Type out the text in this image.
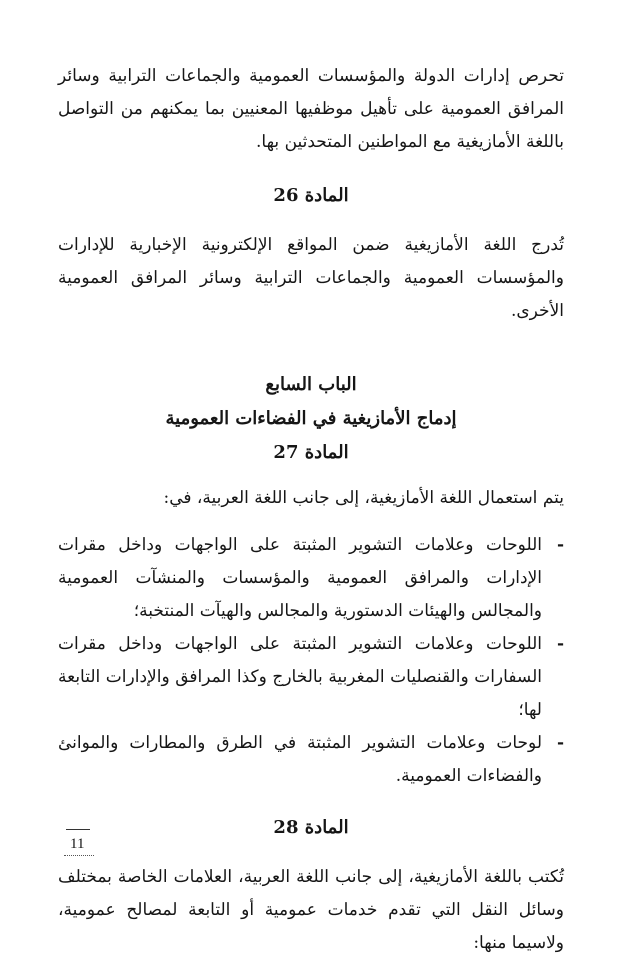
تحرص إدارات الدولة والمؤسسات العمومية والجماعات الترابية وسائر المرافق العمومية على تأهيل موظفيها المعنيين بما يمكنهم من التواصل باللغة الأمازيغية مع المواطنين المتحدثين بها.

المادة 26

تُدرج اللغة الأمازيغية ضمن المواقع الإلكترونية الإخبارية للإدارات والمؤسسات العمومية والجماعات الترابية وسائر المرافق العمومية الأخرى.

الباب السابع
إدماج الأمازيغية في الفضاءات العمومية
المادة 27

يتم استعمال اللغة الأمازيغية، إلى جانب اللغة العربية، في:

-
اللوحات وعلامات التشوير المثبتة على الواجهات وداخل مقرات الإدارات والمرافق العمومية والمؤسسات والمنشآت العمومية والمجالس والهيئات الدستورية والمجالس والهيآت المنتخبة؛
-
اللوحات وعلامات التشوير المثبتة على الواجهات وداخل مقرات السفارات والقنصليات المغربية بالخارج وكذا المرافق والإدارات التابعة لها؛
-
لوحات وعلامات التشوير المثبتة في الطرق والمطارات والموانئ والفضاءات العمومية.
المادة 28

تُكتب باللغة الأمازيغية، إلى جانب اللغة العربية، العلامات الخاصة بمختلف وسائل النقل التي تقدم خدمات عمومية أو التابعة لمصالح عمومية، ولاسيما منها:

11
